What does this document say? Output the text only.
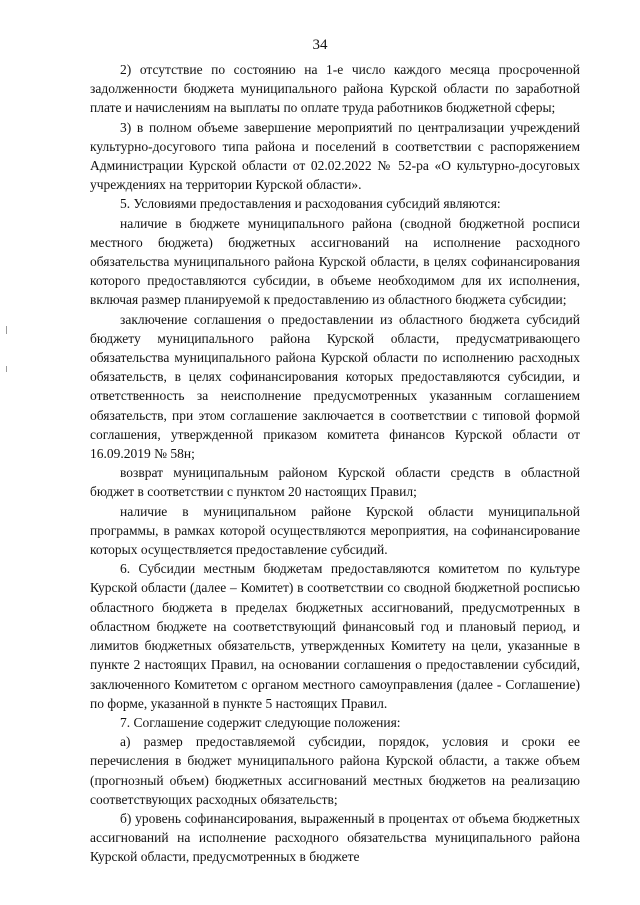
34

2) отсутствие по состоянию на 1-е число каждого месяца просроченной задолженности бюджета муниципального района Курской области по заработной плате и начислениям на выплаты по оплате труда работников бюджетной сферы;

3) в полном объеме завершение мероприятий по централизации учреждений культурно-досугового типа района и поселений в соответствии с распоряжением Администрации Курской области от 02.02.2022 № 52-ра «О культурно-досуговых учреждениях на территории Курской области».

5. Условиями предоставления и расходования субсидий являются:

наличие в бюджете муниципального района (сводной бюджетной росписи местного бюджета) бюджетных ассигнований на исполнение расходного обязательства муниципального района Курской области, в целях софинансирования которого предоставляются субсидии, в объеме необходимом для их исполнения, включая размер планируемой к предоставлению из областного бюджета субсидии;

заключение соглашения о предоставлении из областного бюджета субсидий бюджету муниципального района Курской области, предусматривающего обязательства муниципального района Курской области по исполнению расходных обязательств, в целях софинансирования которых предоставляются субсидии, и ответственность за неисполнение предусмотренных указанным соглашением обязательств, при этом соглашение заключается в соответствии с типовой формой соглашения, утвержденной приказом комитета финансов Курской области от 16.09.2019 № 58н;

возврат муниципальным районом Курской области средств в областной бюджет в соответствии с пунктом 20 настоящих Правил;

наличие в муниципальном районе Курской области муниципальной программы, в рамках которой осуществляются мероприятия, на софинансирование которых осуществляется предоставление субсидий.

6. Субсидии местным бюджетам предоставляются комитетом по культуре Курской области (далее – Комитет) в соответствии со сводной бюджетной росписью областного бюджета в пределах бюджетных ассигнований, предусмотренных в областном бюджете на соответствующий финансовый год и плановый период, и лимитов бюджетных обязательств, утвержденных Комитету на цели, указанные в пункте 2 настоящих Правил, на основании соглашения о предоставлении субсидий, заключенного Комитетом с органом местного самоуправления (далее - Соглашение) по форме, указанной в пункте 5 настоящих Правил.

7. Соглашение содержит следующие положения:

а) размер предоставляемой субсидии, порядок, условия и сроки ее перечисления в бюджет муниципального района Курской области, а также объем (прогнозный объем) бюджетных ассигнований местных бюджетов на реализацию соответствующих расходных обязательств;

б) уровень софинансирования, выраженный в процентах от объема бюджетных ассигнований на исполнение расходного обязательства муниципального района Курской области, предусмотренных в бюджете
